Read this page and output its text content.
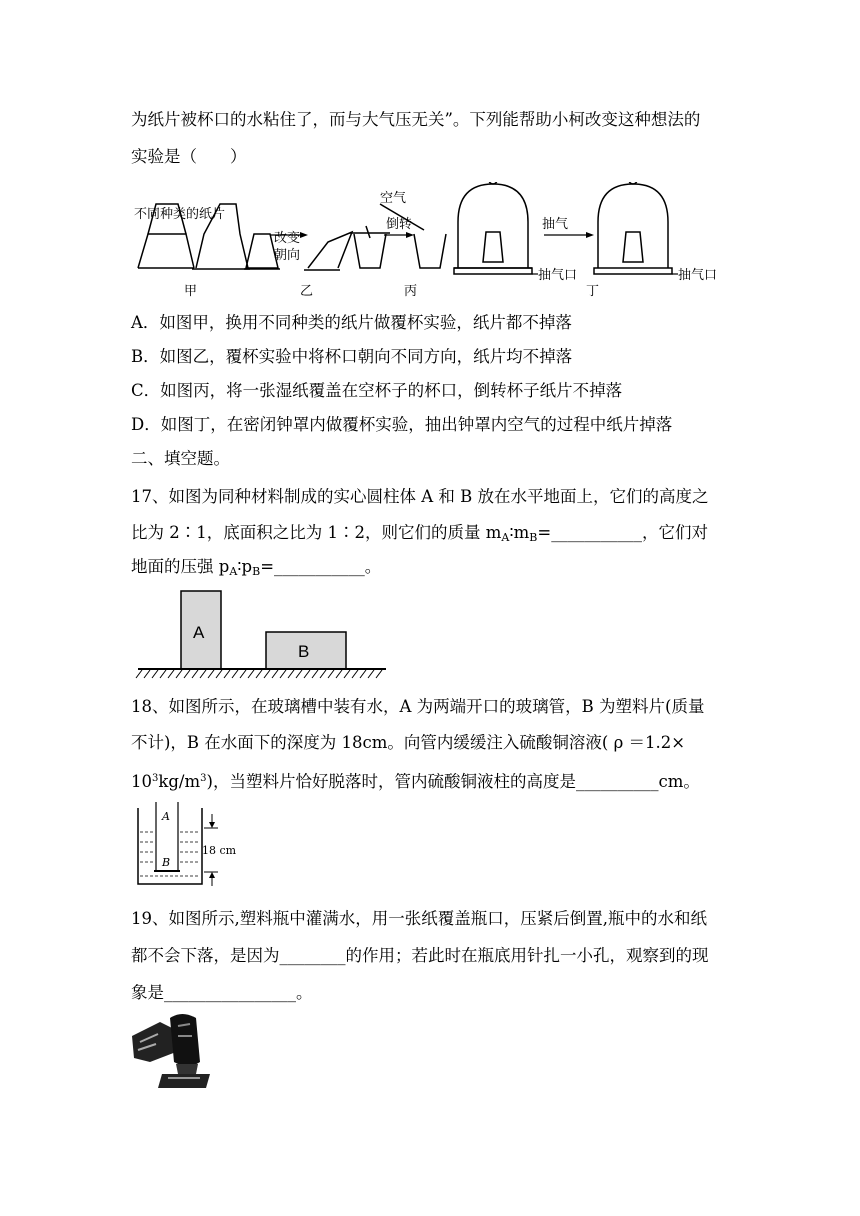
为纸片被杯口的水粘住了，而与大气压无关”。下列能帮助小柯改变这种想法的
实验是（　　）
不同种类的纸片
改变
朝向
空气
倒转	抽气
抽气口	抽气口
甲	乙	丙	丁
A．如图甲，换用不同种类的纸片做覆杯实验，纸片都不掉落
B．如图乙，覆杯实验中将杯口朝向不同方向，纸片均不掉落
C．如图丙，将一张湿纸覆盖在空杯子的杯口，倒转杯子纸片不掉落
D．如图丁，在密闭钟罩内做覆杯实验，抽出钟罩内空气的过程中纸片掉落
二、填空题。
17、如图为同种材料制成的实心圆柱体 A 和 B 放在水平地面上，它们的高度之
比为 2∶1，底面积之比为 1∶2，则它们的质量 $m_A∶m_B=\_\_\_\_\_\_\_\_\_\_\_$，它们对
地面的压强 $p_A∶p_B=\_\_\_\_\_\_\_\_\_\_\_$。
A
B
18、如图所示，在玻璃槽中装有水，A 为两端开口的玻璃管，B 为塑料片(质量
不计)，B 在水面下的深度为 18cm。向管内缓缓注入硫酸铜溶液( ρ ＝1.2×
$10^3kg/m^3$)，当塑料片恰好脱落时，管内硫酸铜液柱的高度是__________cm。
A
B
18 cm
19、如图所示,塑料瓶中灌满水，用一张纸覆盖瓶口，压紧后倒置,瓶中的水和纸
都不会下落，是因为________的作用；若此时在瓶底用针扎一小孔，观察到的现
象是________________。
